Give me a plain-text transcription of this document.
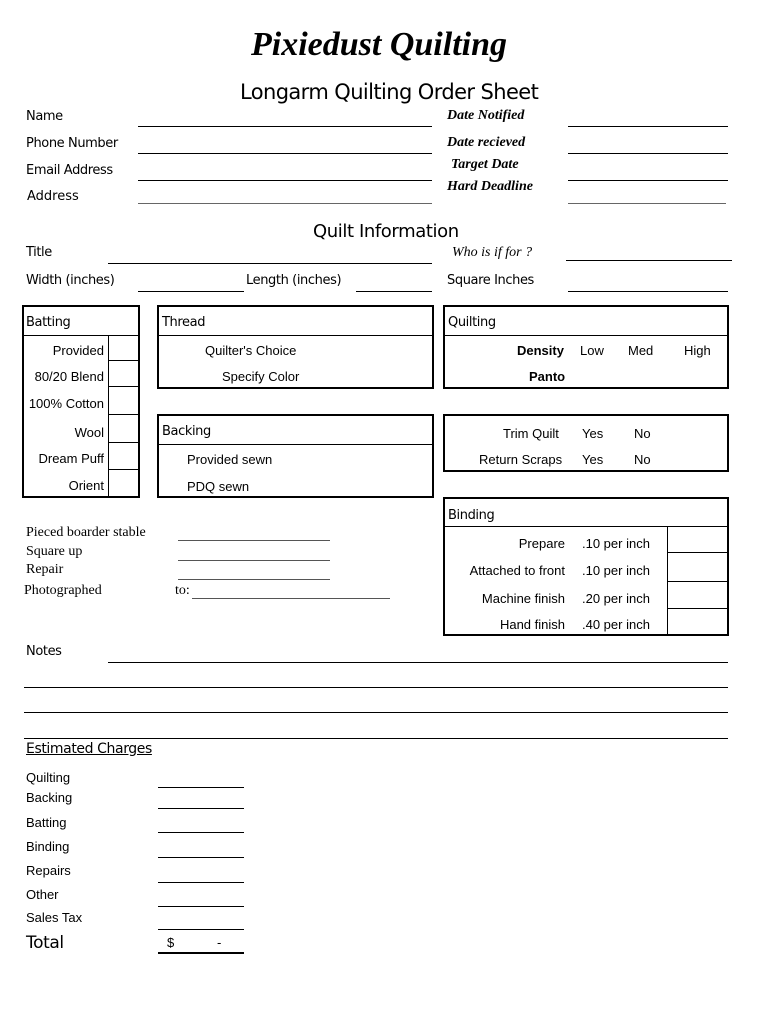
Pixiedust Quilting
Longarm Quilting Order Sheet
Name
Phone Number
Email Address
Address
Date Notified
Date recieved
Target Date
Hard Deadline
Quilt Information
Title	Who is if for ?
Width (inches)	Length (inches)	Square Inches
Batting
Provided
80/20 Blend
100% Cotton
Wool
Dream Puff
Orient
Thread
Quilter's Choice
Specify Color
Quilting
Density Low Med High
Panto
Backing
Provided sewn
PDQ sewn
Trim Quilt Yes No
Return Scraps Yes No
Binding
Prepare .10 per inch
Attached to front .10 per inch
Machine finish .20 per inch
Hand finish .40 per inch
Pieced boarder stable
Square up
Repair
Photographed	to:
Notes
Estimated Charges
Quilting
Backing
Batting
Binding
Repairs
Other
Sales Tax
Total	$	-
